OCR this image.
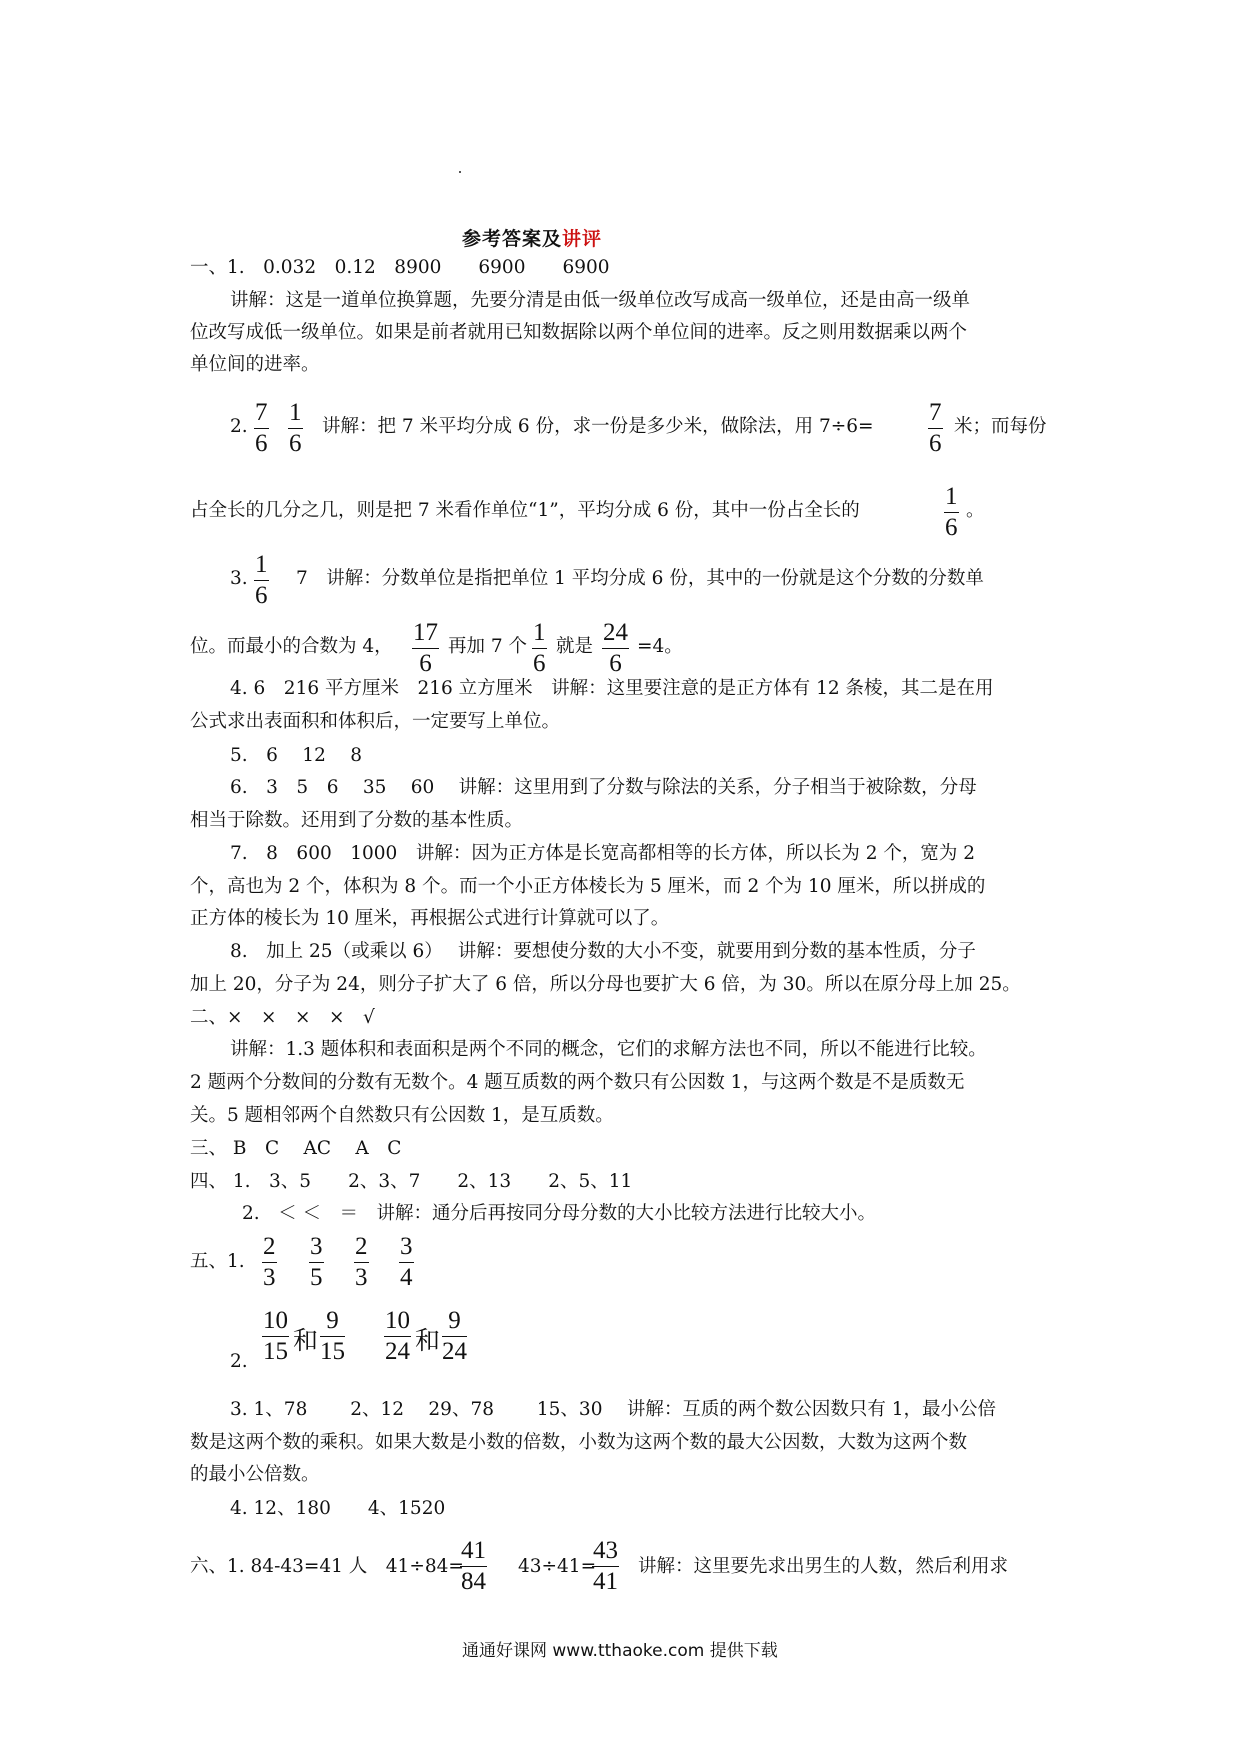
参考答案及讲评
一、1.　0.032　0.12　8900　　6900　　6900
讲解：这是一道单位换算题，先要分清是由低一级单位改写成高一级单位，还是由高一级单
位改写成低一级单位。如果是前者就用已知数据除以两个单位间的进率。反之则用数据乘以两个
单位间的进率。
2. $\frac{7}{6} \frac{1}{6}$ 讲解：把 7 米平均分成 6 份，求一份是多少米，做除法，用 $7\div 6= \frac{7}{6}$ 米；而每份
占全长的几分之几，则是把 7 米看作单位“1”，平均分成 6 份，其中一份占全长的	$\frac{1}{6}$ 。
3. $\frac{1}{6} 7$　讲解：分数单位是指把单位 1 平均分成 6 份，其中的一份就是这个分数的分数单
位。而最小的合数为 4， $\frac{17}{6}$ 再加 7 个 $\frac{1}{6}$ 就是 $\frac{24}{6} =4$。
4. 6　216 平方厘米　216 立方厘米　讲解：这里要注意的是正方体有 12 条棱，其二是在用
公式求出表面积和体积后，一定要写上单位。
5.　6　 12　 8
6.　3　5　6　 35　 60　 讲解：这里用到了分数与除法的关系，分子相当于被除数，分母
相当于除数。还用到了分数的基本性质。
7.　8　600　1000　讲解：因为正方体是长宽高都相等的长方体，所以长为 2 个，宽为 2
个，高也为 2 个，体积为 8 个。而一个小正方体棱长为 5 厘米，而 2 个为 10 厘米，所以拼成的
正方体的棱长为 10 厘米，再根据公式进行计算就可以了。
8.　加上 25（或乘以 6）　 讲解：要想使分数的大小不变，就要用到分数的基本性质，分子
加上 20，分子为 24，则分子扩大了 6 倍，所以分母也要扩大 6 倍，为 30。所以在原分母上加 25。
二、×　×　×　×　√
讲解：1.3 题体积和表面积是两个不同的概念，它们的求解方法也不同，所以不能进行比较。
2 题两个分数间的分数有无数个。4 题互质数的两个数只有公因数 1，与这两个数是不是质数无
关。5 题相邻两个自然数只有公因数 1，是互质数。
三、 B　C　 AC　 A　C
四、 1.　3、5　　2、3、7　　2、13　　2、5、11
2.　＜ ＜　＝　讲解：通分后再按同分母分数的大小比较方法进行比较大小。
五、1. $\frac{2}{3} \frac{3}{5} \frac{2}{3} \frac{3}{4}$
2. $\frac{10}{15}$ 和 $\frac{9}{15} \frac{10}{24}$ 和 $\frac{9}{24}$
3. 1、78　　 2、12　 29、78　　 15、30　 讲解：互质的两个数公因数只有 1，最小公倍
数是这两个数的乘积。如果大数是小数的倍数，小数为这两个数的最大公因数，大数为这两个数
的最小公倍数。
4. 12、180　　4、1520
六、1. 84-43=41 人　41÷84=
$\frac{41}{84} 43\div 41=$
$\frac{43}{41}$ 讲解：这里要先求出男生的人数，然后利用求
通通好课网 www.tthaoke.com 提供下载
